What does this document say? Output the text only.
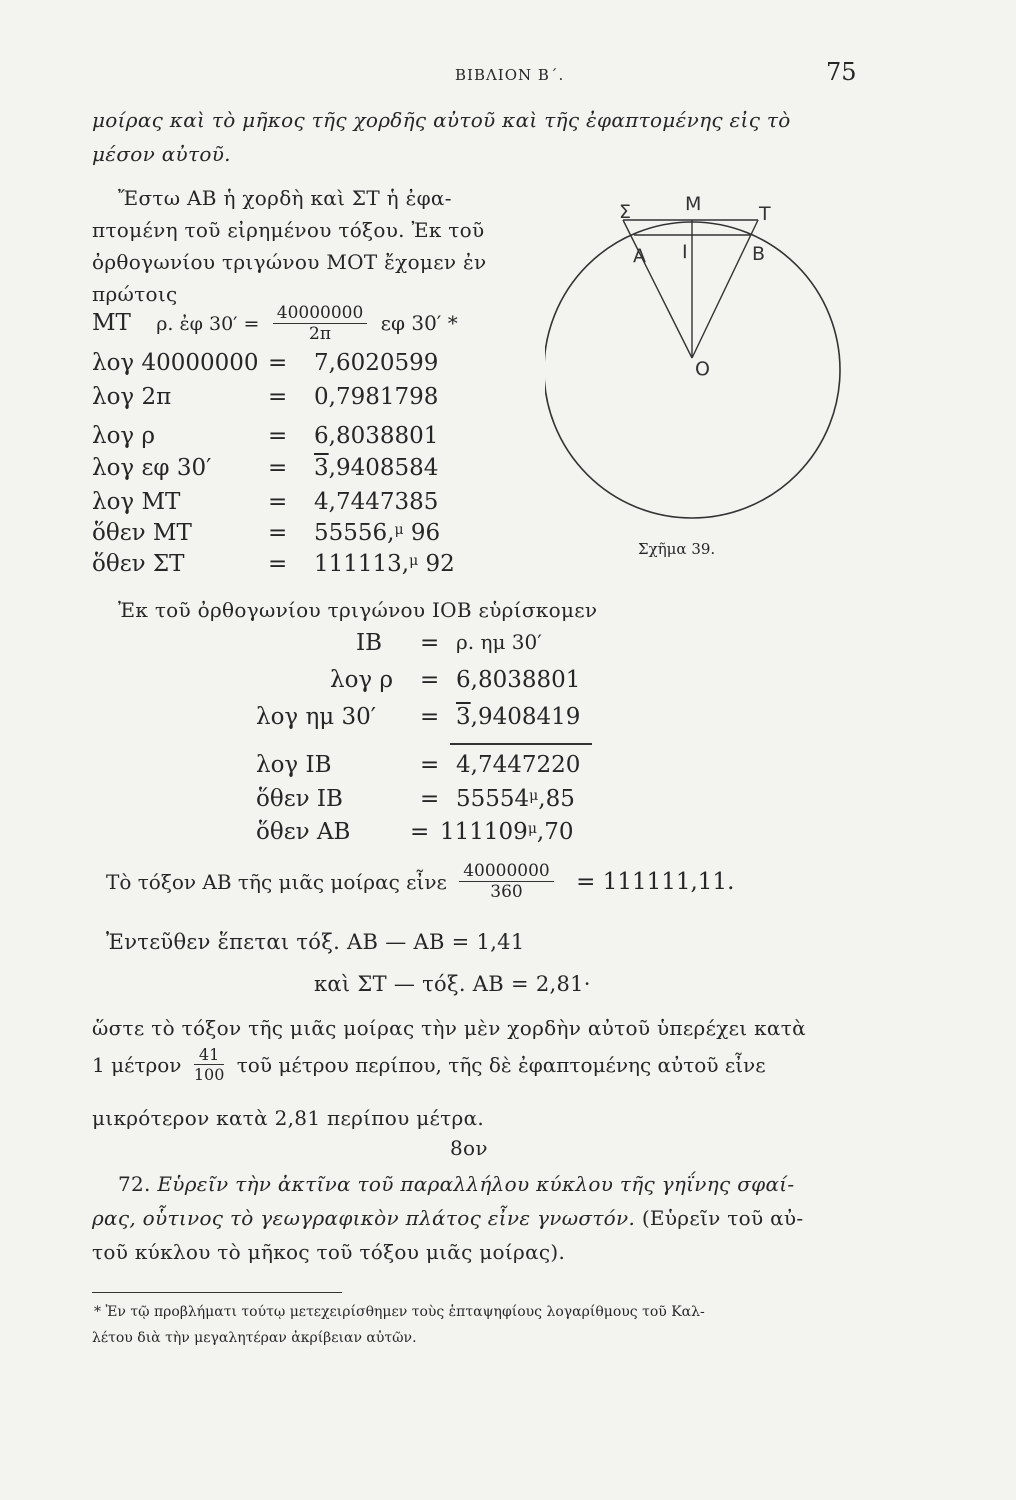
ΒΙΒΛΙΟΝ Β΄.	75
μοίρας καὶ τὸ μῆκος τῆς χορδῆς αὐτοῦ καὶ τῆς ἐφαπτομένης εἰς τὸ
μέσον αὐτοῦ.
Ἔστω ΑΒ ἡ χορδὴ καὶ ΣΤ ἡ ἐφα-
πτομένη τοῦ εἰρημένου τόξου. Ἐκ τοῦ
ὀρθογωνίου τριγώνου ΜΟΤ ἔχομεν ἐν
πρώτοις
ΜΤ ρ. ἐφ $30' = \frac{40000000}{2\pi}$ εφ 30′ *
λογ 40000000 = 7,6020599
λογ 2π	= 0,7981798
λογ ρ	= 6,8038801
λογ εφ 30′ = 3,9408584
λογ ΜΤ	= 4,7447385
ὅθεν ΜΤ	= 55556,$^\mu$ 96
ὅθεν ΣΤ	= 111113,$^\mu$ 92
Σ	Μ	Τ
Α Ι	Β
Ο
Σχῆμα 39.
Ἐκ τοῦ ὀρθογωνίου τριγώνου ΙΟΒ εὑρίσκομεν
ΙΒ = ρ. ημ 30′
λογ ρ = 6,8038801
λογ ημ 30′ = 3,9408419
λογ ΙΒ	= 4,7447220
ὅθεν ΙΒ	= $55554^\mu,85$
ὅθεν ΑΒ	= $111109^\mu,70$
Τὸ τόξον ΑΒ τῆς μιᾶς μοίρας εἶνε $\frac{40000000}{360} = 111111,11$.
Ἐντεῦθεν ἕπεται τόξ. ΑΒ — ΑΒ = 1,41
καὶ ΣΤ — τόξ. ΑΒ = 2,81·
ὥστε τὸ τόξον τῆς μιᾶς μοίρας τὴν μὲν χορδὴν αὐτοῦ ὑπερέχει κατὰ
1 μέτρον $\frac{41}{100}$ τοῦ μέτρου περίπου, τῆς δὲ ἐφαπτομένης αὐτοῦ εἶνε
μικρότερον κατὰ 2,81 περίπου μέτρα.
8ον
72. Εὑρεῖν τὴν ἀκτῖνα τοῦ παραλλήλου κύκλου τῆς γηΐνης σφαί-
ρας, οὗτινος τὸ γεωγραφικὸν πλάτος εἶνε γνωστόν. (Εὑρεῖν τοῦ αὐ-
τοῦ κύκλου τὸ μῆκος τοῦ τόξου μιᾶς μοίρας).
* Ἐν τῷ προβλήματι τούτῳ μετεχειρίσθημεν τοὺς ἑπταψηφίους λογαρίθμους τοῦ Καλ-
λέτου διὰ τὴν μεγαλητέραν ἀκρίβειαν αὐτῶν.
